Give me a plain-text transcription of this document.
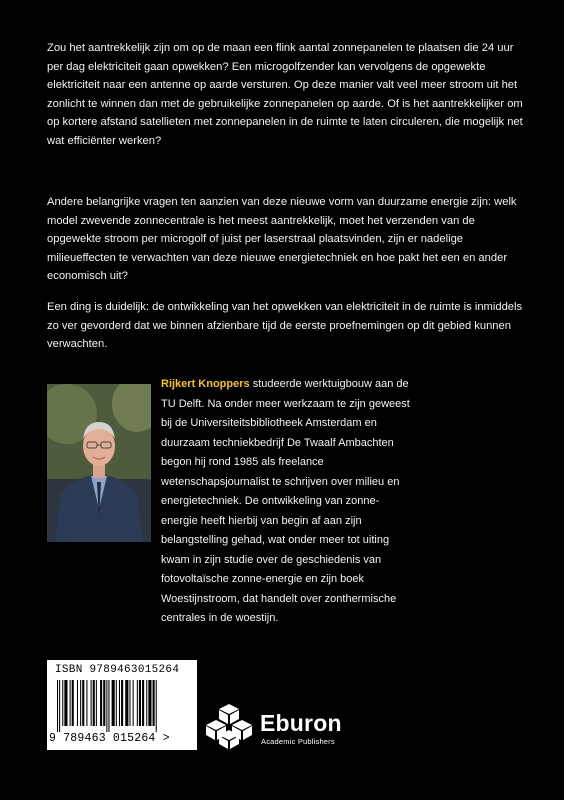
Zou het aantrekkelijk zijn om op de maan een flink aantal zonnepanelen te plaatsen die 24 uur per dag elektriciteit gaan opwekken? Een microgolfzender kan vervolgens de opgewekte elektriciteit naar een antenne op aarde versturen. Op deze manier valt veel meer stroom uit het zonlicht te winnen dan met de gebruikelijke zonnepanelen op aarde. Of is het aantrekkelijker om op kortere afstand satellieten met zonnepanelen in de ruimte te laten circuleren, die mogelijk net wat efficiënter werken?

Andere belangrijke vragen ten aanzien van deze nieuwe vorm van duurzame energie zijn: welk model zwevende zonnecentrale is het meest aantrekkelijk, moet het verzenden van de opgewekte stroom per microgolf of juist per laserstraal plaatsvinden, zijn er nadelige milieueffecten te verwachten van deze nieuwe energietechniek en hoe pakt het een en ander economisch uit?

Een ding is duidelijk: de ontwikkeling van het opwekken van elektriciteit in de ruimte is inmiddels zo ver gevorderd dat we binnen afzienbare tijd de eerste proefnemingen op dit gebied kunnen verwachten.

Rijkert Knoppers studeerde werktuigbouw aan de TU Delft. Na onder meer werkzaam te zijn geweest bij de Universiteitsbibliotheek Amsterdam en duurzaam techniekbedrijf De Twaalf Ambachten begon hij rond 1985 als freelance wetenschapsjournalist te schrijven over milieu en energietechniek. De ontwikkeling van zonne-energie heeft hierbij van begin af aan zijn belangstelling gehad, wat onder meer tot uiting kwam in zijn studie over de geschiedenis van fotovoltaïsche zonne-energie en zijn boek Woestijnstroom, dat handelt over zonthermische centrales in de woestijn.

ISBN 9789463015264
9 789463 015264 >
Eburon
Academic Publishers
